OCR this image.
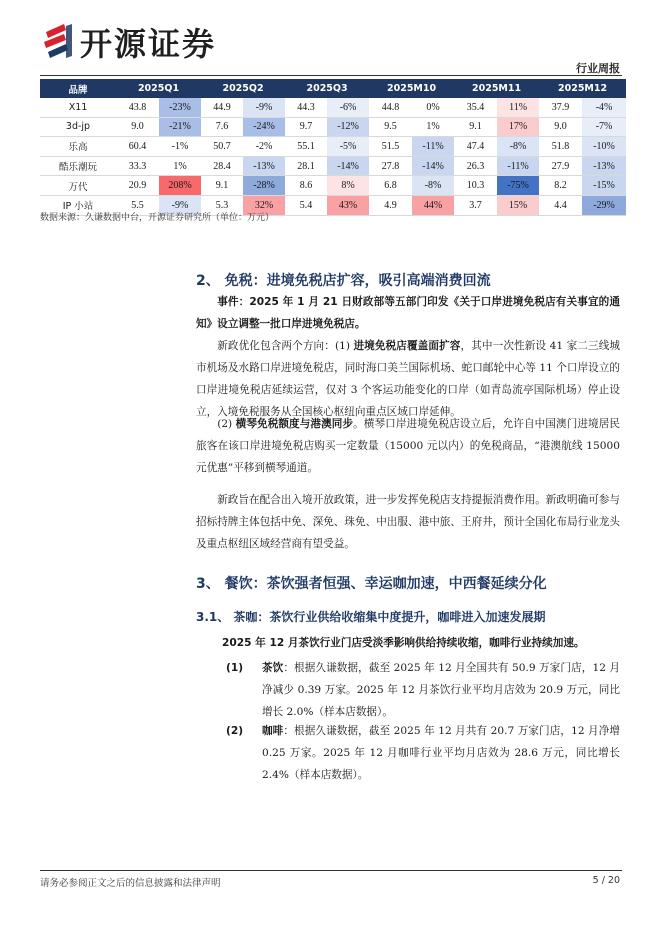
开源证券
行业周报
品牌	2025Q1		2025Q2		2025Q3		2025M10		2025M11		2025M12	
X11	43.8	-23%	44.9	-9%	44.3	-6%	44.8	0%	35.4	11%	37.9	-4%
3d-jp	9.0	-21%	7.6	-24%	9.7	-12%	9.5	1%	9.1	17%	9.0	-7%
乐高	60.4	-1%	50.7	-2%	55.1	-5%	51.5	-11%	47.4	-8%	51.8	-10%
酷乐潮玩	33.3	1%	28.4	-13%	28.1	-14%	27.8	-14%	26.3	-11%	27.9	-13%
万代	20.9	208%	9.1	-28%	8.6	8%	6.8	-8%	10.3	-75%	8.2	-15%
IP 小站	5.5	-9%	5.3	32%	5.4	43%	4.9	44%	3.7	15%	4.4	-29%
数据来源：久谦数据中台，开源证券研究所（单位：万元）
2、 免税：进境免税店扩容，吸引高端消费回流
事件：2025 年 1 月 21 日财政部等五部门印发《关于口岸进境免税店有关事宜的通知》设立调整一批口岸进境免税店。
新政优化包含两个方向：(1) 进境免税店覆盖面扩容，其中一次性新设 41 家二三线城市机场及水路口岸进境免税店，同时海口美兰国际机场、蛇口邮轮中心等 11 个口岸设立的口岸进境免税店延续运营，仅对 3 个客运功能变化的口岸（如青岛流亭国际机场）停止设立，入境免税服务从全国核心枢纽向重点区域口岸延伸。
(2) 横琴免税额度与港澳同步。横琴口岸进境免税店设立后，允许自中国澳门进境居民旅客在该口岸进境免税店购买一定数量（15000 元以内）的免税商品，“港澳航线 15000 元优惠”平移到横琴通道。
新政旨在配合出入境开放政策，进一步发挥免税店支持提振消费作用。新政明确可参与招标持牌主体包括中免、深免、珠免、中出服、港中旅、王府井，预计全国化布局行业龙头及重点枢纽区域经营商有望受益。
3、 餐饮：茶饮强者恒强、幸运咖加速，中西餐延续分化
3.1、 茶咖：茶饮行业供给收缩集中度提升，咖啡进入加速发展期
2025 年 12 月茶饮行业门店受淡季影响供给持续收缩，咖啡行业持续加速。
(1) 茶饮：根据久谦数据，截至 2025 年 12 月全国共有 50.9 万家门店，12 月净减少 0.39 万家。2025 年 12 月茶饮行业平均月店效为 20.9 万元，同比增长 2.0%（样本店数据）。
(2) 咖啡：根据久谦数据，截至 2025 年 12 月共有 20.7 万家门店，12 月净增 0.25 万家。2025 年 12 月咖啡行业平均月店效为 28.6 万元，同比增长 2.4%（样本店数据）。
请务必参阅正文之后的信息披露和法律声明	5 / 20
